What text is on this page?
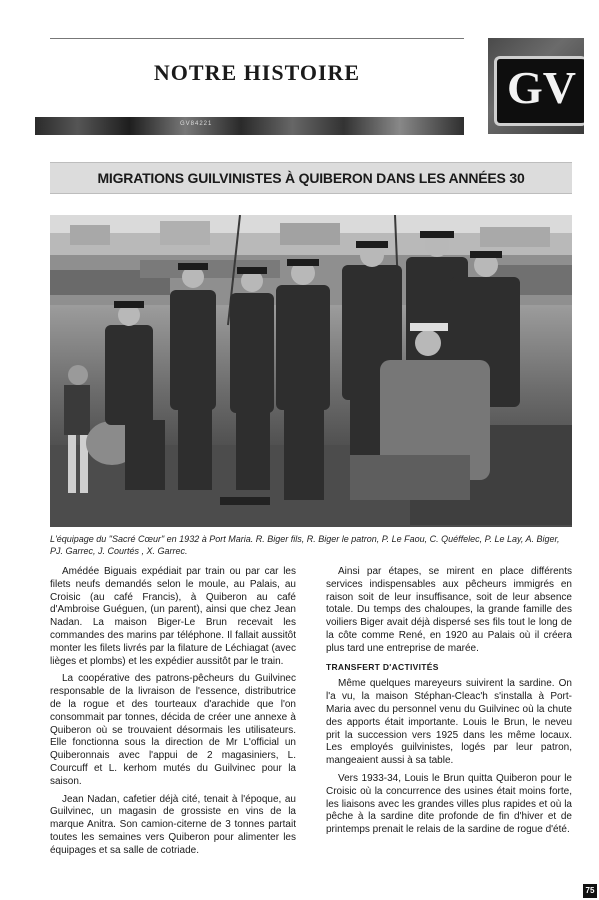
NOTRE HISTOIRE
GV84221
GV
MIGRATIONS GUILVINISTES À QUIBERON DANS LES ANNÉES 30
L'équipage du "Sacré Cœur" en 1932 à Port Maria. R. Biger fils, R. Biger le patron, P. Le Faou, C. Quéffelec, P. Le Lay, A. Biger, PJ. Garrec, J. Courtés , X. Garrec.

Amédée Biguais expédiait par train ou par car les filets neufs demandés selon le moule, au Palais, au Croisic (au café Francis), à Quiberon au café d'Ambroise Guéguen, (un parent), ainsi que chez Jean Nadan. La maison Biger-Le Brun recevait les commandes des marins par téléphone. Il fallait aussitôt monter les filets livrés par la filature de Léchiagat (avec lièges et plombs) et les expédier aussitôt par le train.

La coopérative des patrons-pêcheurs du Guilvinec responsable de la livraison de l'essence, distributrice de la rogue et des tourteaux d'arachide que l'on consommait par tonnes, décida de créer une annexe à Quiberon où se trouvaient désormais les utilisateurs. Elle fonctionna sous la direction de Mr L'official un Quiberonnais avec l'appui de 2 magasiniers, L. Courcuff et L. kerhom mutés du Guilvinec pour la saison.

Jean Nadan, cafetier déjà cité, tenait à l'époque, au Guilvinec, un magasin de grossiste en vins de la marque Anitra. Son camion-citerne de 3 tonnes partait toutes les semaines vers Quiberon pour alimenter les équipages et sa salle de cotriade.

Ainsi par étapes, se mirent en place différents services indispensables aux pêcheurs immigrés en raison soit de leur insuffisance, soit de leur absence totale. Du temps des chaloupes, la grande famille des voiliers Biger avait déjà dispersé ses fils tout le long de la côte comme René, en 1920 au Palais où il créera plus tard une entreprise de marée.

TRANSFERT D'ACTIVITÉS

Même quelques mareyeurs suivirent la sardine. On l'a vu, la maison Stéphan-Cleac'h s'installa à Port-Maria avec du personnel venu du Guilvinec où la chute des apports était importante. Louis le Brun, le neveu prit la succession vers 1925 dans les même locaux. Les employés guilvinistes, logés par leur patron, mangeaient aussi à sa table.

Vers 1933-34, Louis le Brun quitta Quiberon pour le Croisic où la concurrence des usines était moins forte, les liaisons avec les grandes villes plus rapides et où la pêche à la sardine dite profonde de fin d'hiver et de printemps prenait le relais de la sardine de rogue d'été.

75
